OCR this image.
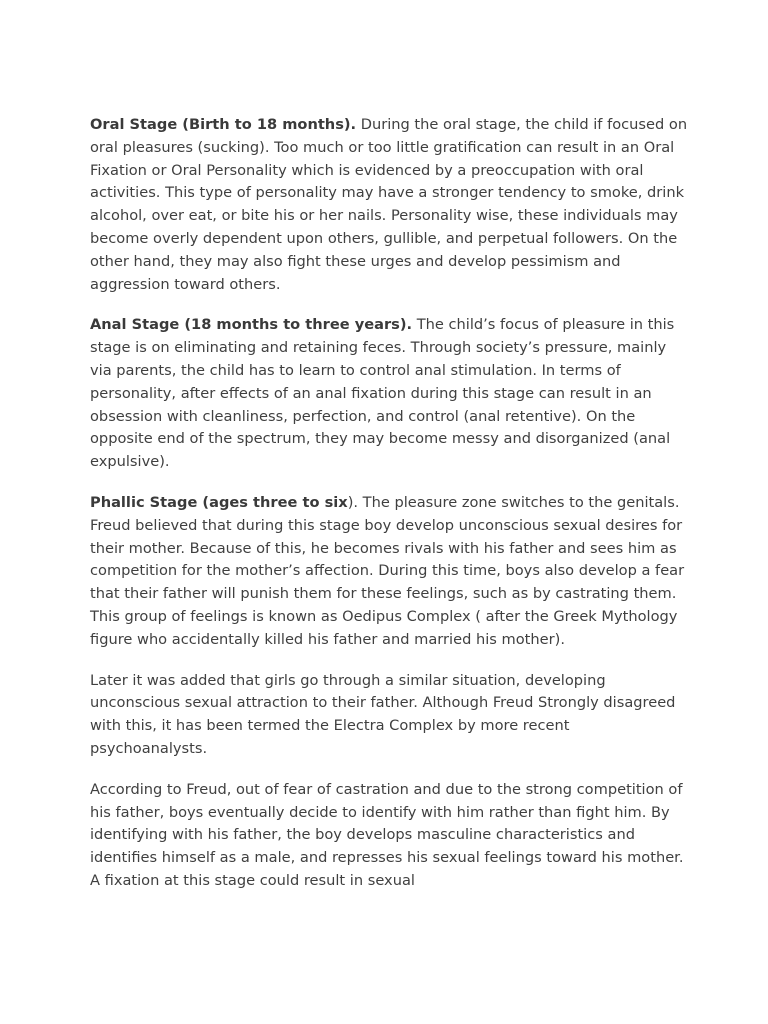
Oral Stage (Birth to 18 months). During the oral stage, the child if focused on oral pleasures (sucking). Too much or too little gratification can result in an Oral Fixation or Oral Personality which is evidenced by a preoccupation with oral activities. This type of personality may have a stronger tendency to smoke, drink alcohol, over eat, or bite his or her nails. Personality wise, these individuals may become overly dependent upon others, gullible, and perpetual followers. On the other hand, they may also fight these urges and develop pessimism and aggression toward others.

Anal Stage (18 months to three years). The child’s focus of pleasure in this stage is on eliminating and retaining feces. Through society’s pressure, mainly via parents, the child has to learn to control anal stimulation. In terms of personality, after effects of an anal fixation during this stage can result in an obsession with cleanliness, perfection, and control (anal retentive). On the opposite end of the spectrum, they may become messy and disorganized (anal expulsive).

Phallic Stage (ages three to six). The pleasure zone switches to the genitals. Freud believed that during this stage boy develop unconscious sexual desires for their mother. Because of this, he becomes rivals with his father and sees him as competition for the mother’s affection. During this time, boys also develop a fear that their father will punish them for these feelings, such as by castrating them. This group of feelings is known as Oedipus Complex ( after the Greek Mythology figure who accidentally killed his father and married his mother).

Later it was added that girls go through a similar situation, developing unconscious sexual attraction to their father. Although Freud Strongly disagreed with this, it has been termed the Electra Complex by more recent psychoanalysts.

According to Freud, out of fear of castration and due to the strong competition of his father, boys eventually decide to identify with him rather than fight him. By identifying with his father, the boy develops masculine characteristics and identifies himself as a male, and represses his sexual feelings toward his mother. A fixation at this stage could result in sexual
